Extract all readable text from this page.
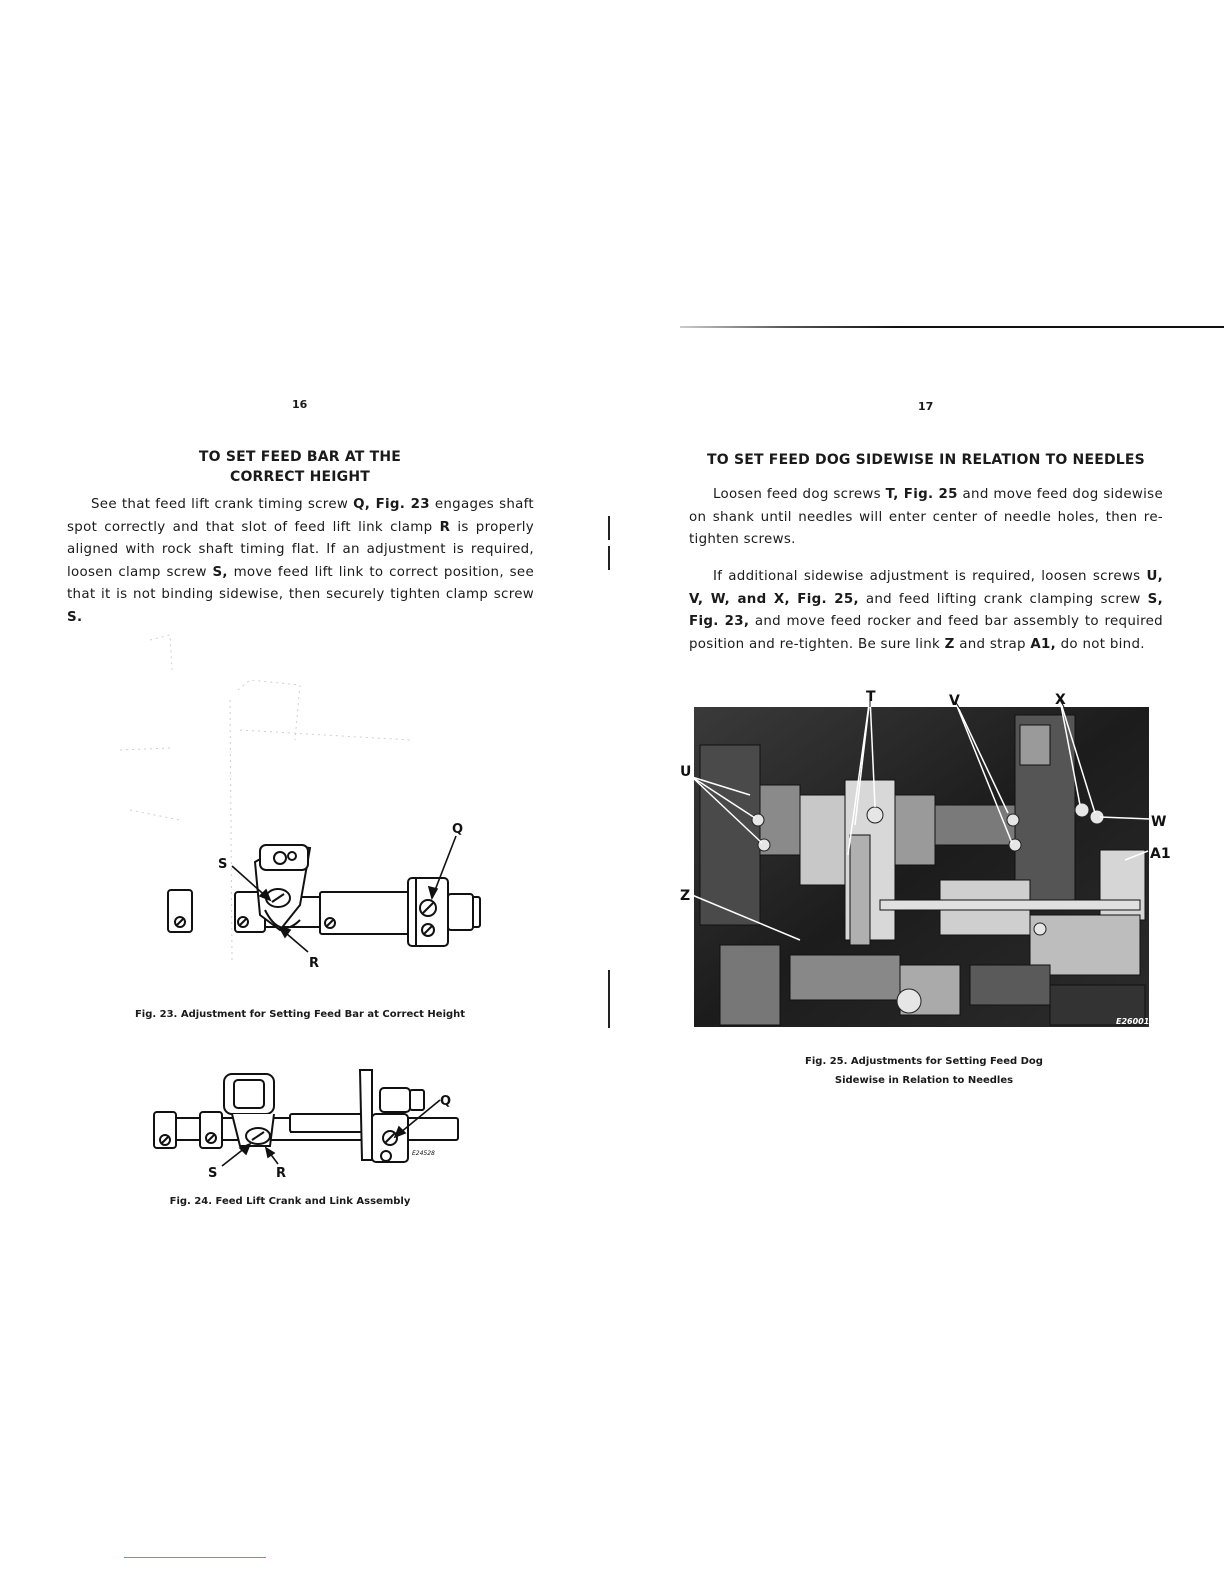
16
TO SET FEED BAR AT THE
CORRECT HEIGHT
See that feed lift crank timing screw Q, Fig. 23 engages shaft spot correctly and that slot of feed lift link clamp R is properly aligned with rock shaft timing flat. If an adjustment is required, loosen clamp screw S, move feed lift link to correct position, see that it is not binding sidewise, then securely tighten clamp screw S.
S
Q
R
Fig. 23. Adjustment for Setting Feed Bar at Correct Height
Q
S	R
E24528
Fig. 24. Feed Lift Crank and Link Assembly
17
TO SET FEED DOG SIDEWISE IN RELATION TO NEEDLES
Loosen feed dog screws T, Fig. 25 and move feed dog sidewise on shank until needles will enter center of needle holes, then re-tighten screws.
If additional sidewise adjustment is required, loosen screws U, V, W, and X, Fig. 25, and feed lifting crank clamping screw S, Fig. 23, and move feed rocker and feed bar assembly to required position and re-tighten. Be sure link Z and strap A1, do not bind.
T	V	X
U
W
A1
Z
E26001
Fig. 25. Adjustments for Setting Feed Dog
Sidewise in Relation to Needles
